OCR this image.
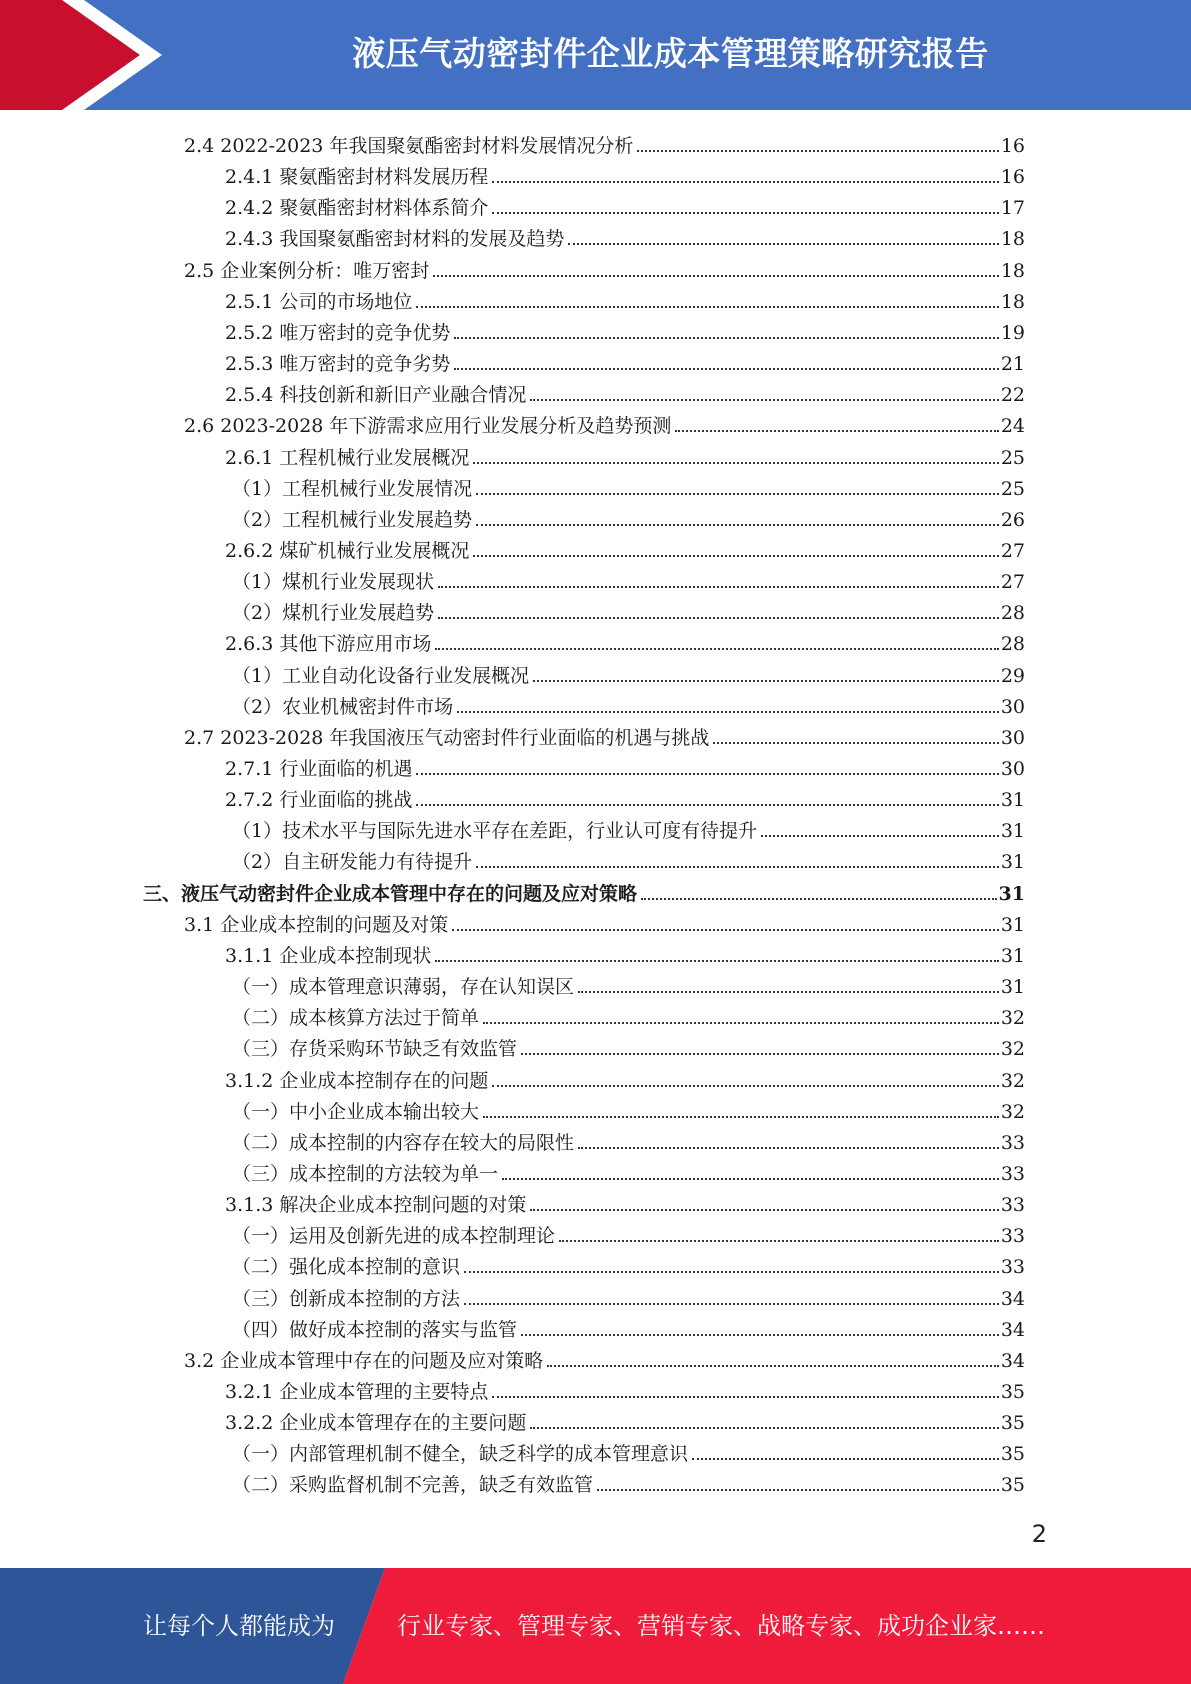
液压气动密封件企业成本管理策略研究报告
2.4 2022-2023 年我国聚氨酯密封材料发展情况分析	16
2.4.1 聚氨酯密封材料发展历程	16
2.4.2 聚氨酯密封材料体系简介	17
2.4.3 我国聚氨酯密封材料的发展及趋势	18
2.5 企业案例分析：唯万密封	18
2.5.1 公司的市场地位	18
2.5.2 唯万密封的竞争优势	19
2.5.3 唯万密封的竞争劣势	21
2.5.4 科技创新和新旧产业融合情况	22
2.6 2023-2028 年下游需求应用行业发展分析及趋势预测	24
2.6.1 工程机械行业发展概况	25
（1）工程机械行业发展情况	25
（2）工程机械行业发展趋势	26
2.6.2 煤矿机械行业发展概况	27
（1）煤机行业发展现状	27
（2）煤机行业发展趋势	28
2.6.3 其他下游应用市场	28
（1）工业自动化设备行业发展概况	29
（2）农业机械密封件市场	30
2.7 2023-2028 年我国液压气动密封件行业面临的机遇与挑战	30
2.7.1 行业面临的机遇	30
2.7.2 行业面临的挑战	31
（1）技术水平与国际先进水平存在差距，行业认可度有待提升	31
（2）自主研发能力有待提升	31
三、液压气动密封件企业成本管理中存在的问题及应对策略	31
3.1 企业成本控制的问题及对策	31
3.1.1 企业成本控制现状	31
（一）成本管理意识薄弱，存在认知误区	31
（二）成本核算方法过于简单	32
（三）存货采购环节缺乏有效监管	32
3.1.2 企业成本控制存在的问题	32
（一）中小企业成本输出较大	32
（二）成本控制的内容存在较大的局限性	33
（三）成本控制的方法较为单一	33
3.1.3 解决企业成本控制问题的对策	33
（一）运用及创新先进的成本控制理论	33
（二）强化成本控制的意识	33
（三）创新成本控制的方法	34
（四）做好成本控制的落实与监管	34
3.2 企业成本管理中存在的问题及应对策略	34
3.2.1 企业成本管理的主要特点	35
3.2.2 企业成本管理存在的主要问题	35
（一）内部管理机制不健全，缺乏科学的成本管理意识	35
（二）采购监督机制不完善，缺乏有效监管	35
2
让每个人都能成为	行业专家、管理专家、营销专家、战略专家、成功企业家……
